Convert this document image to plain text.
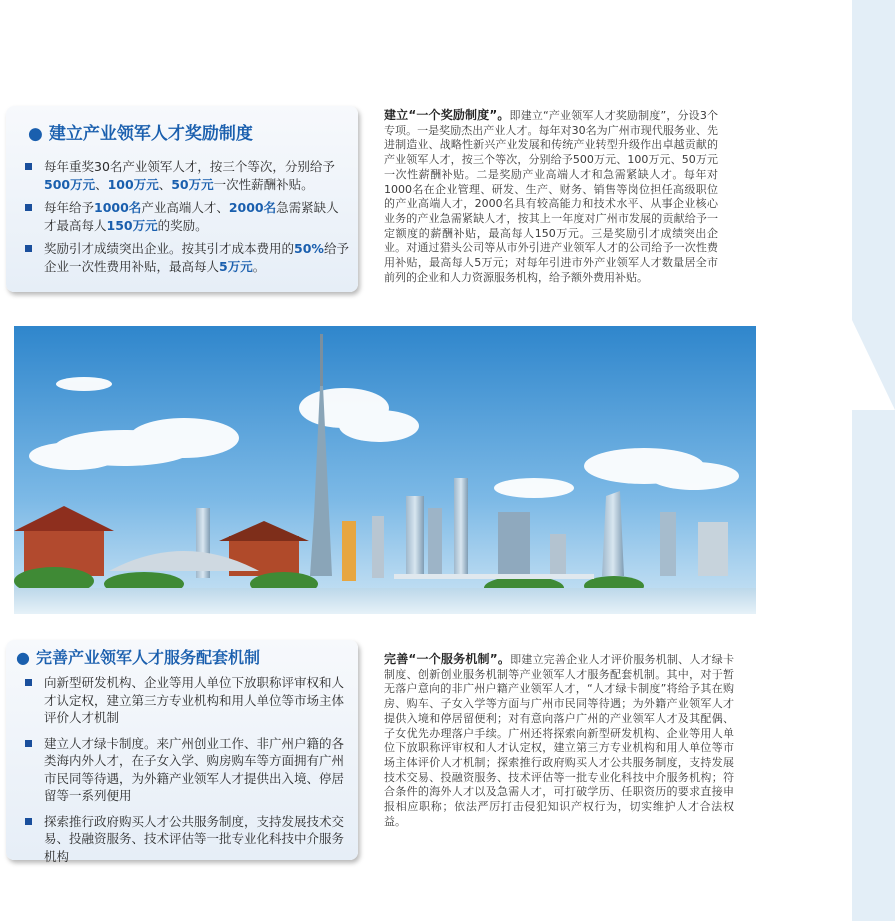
● 建立产业领军人才奖励制度
每年重奖30名产业领军人才，按三个等次，分别给予500万元、100万元、50万元一次性薪酬补贴。
每年给予1000名产业高端人才、2000名急需紧缺人才最高每人150万元的奖励。
奖励引才成绩突出企业。按其引才成本费用的50%给予企业一次性费用补贴，最高每人5万元。
建立“一个奖励制度”。即建立“产业领军人才奖励制度”，分设3个专项。一是奖励杰出产业人才。每年对30名为广州市现代服务业、先进制造业、战略性新兴产业发展和传统产业转型升级作出卓越贡献的产业领军人才，按三个等次，分别给予500万元、100万元、50万元一次性薪酬补贴。二是奖励产业高端人才和急需紧缺人才。每年对1000名在企业管理、研发、生产、财务、销售等岗位担任高级职位的产业高端人才，2000名具有较高能力和技术水平、从事企业核心业务的产业急需紧缺人才，按其上一年度对广州市发展的贡献给予一定额度的薪酬补贴，最高每人150万元。三是奖励引才成绩突出企业。对通过猎头公司等从市外引进产业领军人才的公司给予一次性费用补贴，最高每人5万元；对每年引进市外产业领军人才数量居全市前列的企业和人力资源服务机构，给予额外费用补贴。
● 完善产业领军人才服务配套机制
向新型研发机构、企业等用人单位下放职称评审权和人才认定权，建立第三方专业机构和用人单位等市场主体评价人才机制
建立人才绿卡制度。来广州创业工作、非广州户籍的各类海内外人才，在子女入学、购房购车等方面拥有广州市民同等待遇，为外籍产业领军人才提供出入境、停居留等一系列便用
探索推行政府购买人才公共服务制度，支持发展技术交易、投融资服务、技术评估等一批专业化科技中介服务机构
完善“一个服务机制”。即建立完善企业人才评价服务机制、人才绿卡制度、创新创业服务机制等产业领军人才服务配套机制。其中，对于暂无落户意向的非广州户籍产业领军人才，“人才绿卡制度”将给予其在购房、购车、子女入学等方面与广州市民同等待遇；为外籍产业领军人才提供入境和停居留便利；对有意向落户广州的产业领军人才及其配偶、子女优先办理落户手续。广州还将探索向新型研发机构、企业等用人单位下放职称评审权和人才认定权，建立第三方专业机构和用人单位等市场主体评价人才机制；探索推行政府购买人才公共服务制度，支持发展技术交易、投融资服务、技术评估等一批专业化科技中介服务机构；符合条件的海外人才以及急需人才，可打破学历、任职资历的要求直接申报相应职称；依法严厉打击侵犯知识产权行为，切实维护人才合法权益。
